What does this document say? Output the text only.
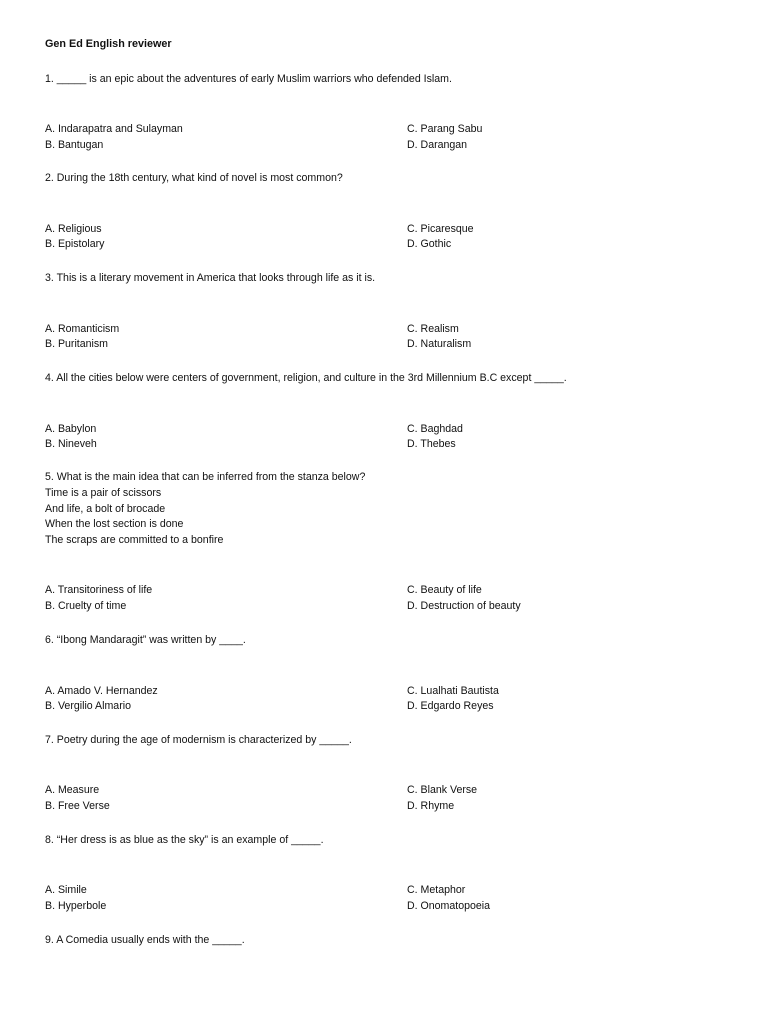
Gen Ed English reviewer
1. _____ is an epic about the adventures of early Muslim warriors who defended Islam.
A. Indarapatra and Sulayman
B. Bantugan
C. Parang Sabu
D. Darangan
2. During the 18th century, what kind of novel is most common?
A. Religious
B. Epistolary
C. Picaresque
D. Gothic
3. This is a literary movement in America that looks through life as it is.
A. Romanticism
B. Puritanism
C. Realism
D. Naturalism
4. All the cities below were centers of government, religion, and culture in the 3rd Millennium B.C except _____.
A. Babylon
B. Nineveh
C. Baghdad
D. Thebes
5. What is the main idea that can be inferred from the stanza below?
Time is a pair of scissors
And life, a bolt of brocade
When the lost section is done
The scraps are committed to a bonfire
A. Transitoriness of life
B. Cruelty of time
C. Beauty of life
D. Destruction of beauty
6. “Ibong Mandaragit” was written by ____.
A. Amado V. Hernandez
B. Vergilio Almario
C. Lualhati Bautista
D. Edgardo Reyes
7. Poetry during the age of modernism is characterized by _____.
A. Measure
B. Free Verse
C. Blank Verse
D. Rhyme
8. “Her dress is as blue as the sky” is an example of _____.
A. Simile
B. Hyperbole
C. Metaphor
D. Onomatopoeia
9. A Comedia usually ends with the _____.
